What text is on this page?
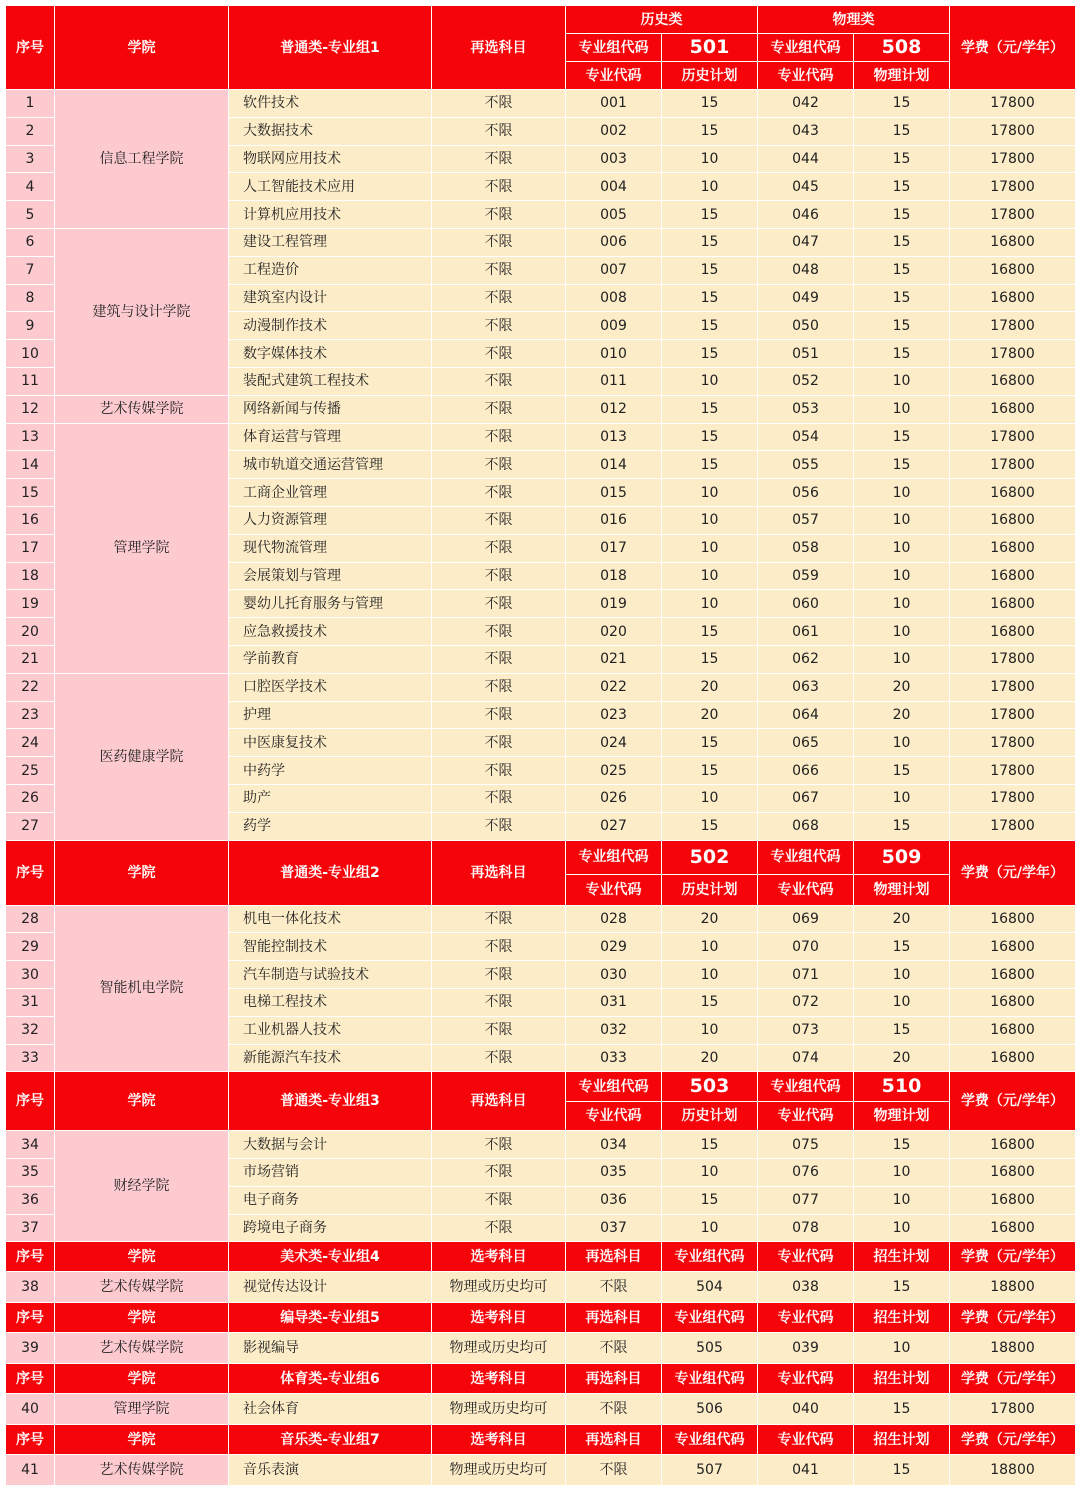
序号	学院	普通类-专业组1	再选科目	历史类		物理类		学费（元/学年）
				专业组代码	501	专业组代码	508	
				专业代码	历史计划	专业代码	物理计划	
1	信息工程学院	软件技术	不限	001	15	042	15	17800
2		大数据技术	不限	002	15	043	15	17800
3		物联网应用技术	不限	003	10	044	15	17800
4		人工智能技术应用	不限	004	10	045	15	17800
5		计算机应用技术	不限	005	15	046	15	17800
6	建筑与设计学院	建设工程管理	不限	006	15	047	15	16800
7		工程造价	不限	007	15	048	15	16800
8		建筑室内设计	不限	008	15	049	15	16800
9		动漫制作技术	不限	009	15	050	15	17800
10		数字媒体技术	不限	010	15	051	15	17800
11		装配式建筑工程技术	不限	011	10	052	10	16800
12	艺术传媒学院	网络新闻与传播	不限	012	15	053	10	16800
13	管理学院	体育运营与管理	不限	013	15	054	15	17800
14		城市轨道交通运营管理	不限	014	15	055	15	17800
15		工商企业管理	不限	015	10	056	10	16800
16		人力资源管理	不限	016	10	057	10	16800
17		现代物流管理	不限	017	10	058	10	16800
18		会展策划与管理	不限	018	10	059	10	16800
19		婴幼儿托育服务与管理	不限	019	10	060	10	16800
20		应急救援技术	不限	020	15	061	10	16800
21		学前教育	不限	021	15	062	10	17800
22	医药健康学院	口腔医学技术	不限	022	20	063	20	17800
23		护理	不限	023	20	064	20	17800
24		中医康复技术	不限	024	15	065	10	17800
25		中药学	不限	025	15	066	15	17800
26		助产	不限	026	10	067	10	17800
27		药学	不限	027	15	068	15	17800
序号	学院	普通类-专业组2	再选科目	专业组代码	502	专业组代码	509	学费（元/学年）
				专业代码	历史计划	专业代码	物理计划	
28	智能机电学院	机电一体化技术	不限	028	20	069	20	16800
29		智能控制技术	不限	029	10	070	15	16800
30		汽车制造与试验技术	不限	030	10	071	10	16800
31		电梯工程技术	不限	031	15	072	10	16800
32		工业机器人技术	不限	032	10	073	15	16800
33		新能源汽车技术	不限	033	20	074	20	16800
序号	学院	普通类-专业组3	再选科目	专业组代码	503	专业组代码	510	学费（元/学年）
				专业代码	历史计划	专业代码	物理计划	
34	财经学院	大数据与会计	不限	034	15	075	15	16800
35		市场营销	不限	035	10	076	10	16800
36		电子商务	不限	036	15	077	10	16800
37		跨境电子商务	不限	037	10	078	10	16800
序号	学院	美术类-专业组4	选考科目	再选科目	专业组代码	专业代码	招生计划	学费（元/学年）
38	艺术传媒学院	视觉传达设计	物理或历史均可	不限	504	038	15	18800
序号	学院	编导类-专业组5	选考科目	再选科目	专业组代码	专业代码	招生计划	学费（元/学年）
39	艺术传媒学院	影视编导	物理或历史均可	不限	505	039	10	18800
序号	学院	体育类-专业组6	选考科目	再选科目	专业组代码	专业代码	招生计划	学费（元/学年）
40	管理学院	社会体育	物理或历史均可	不限	506	040	15	17800
序号	学院	音乐类-专业组7	选考科目	再选科目	专业组代码	专业代码	招生计划	学费（元/学年）
41	艺术传媒学院	音乐表演	物理或历史均可	不限	507	041	15	18800
